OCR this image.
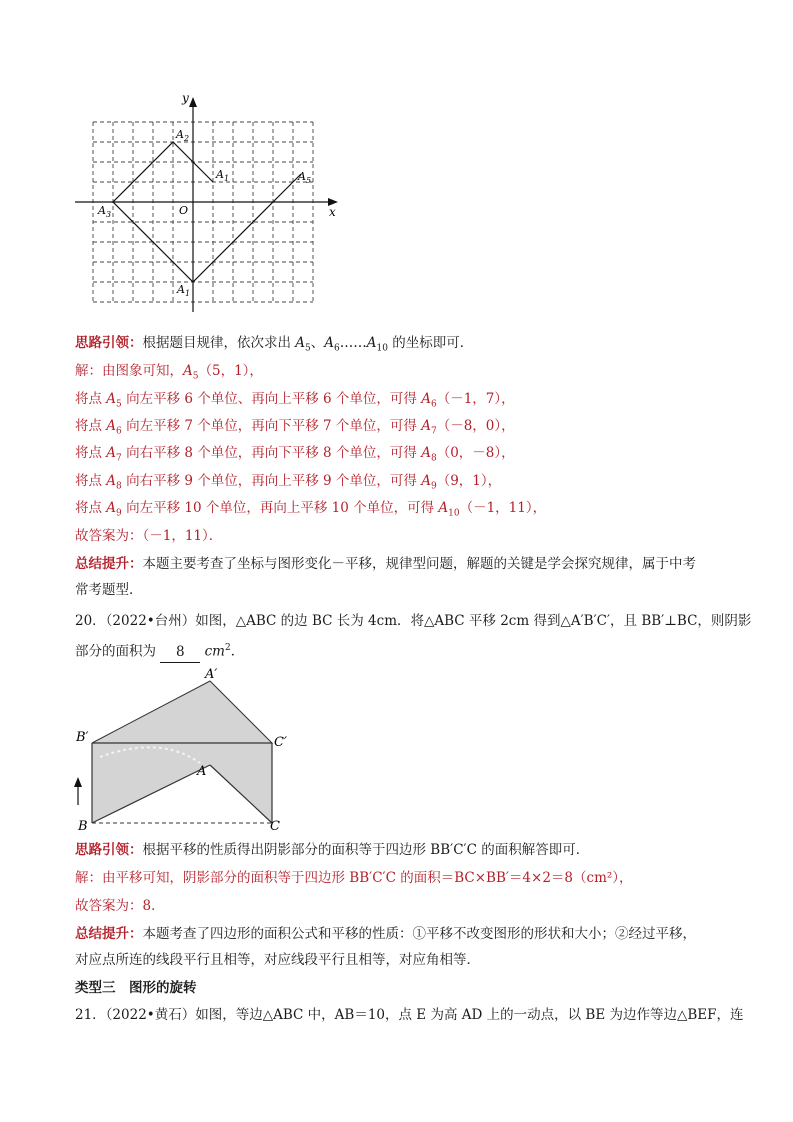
y
x
O
$A_2$
$A_1$
$A_3$
$A_5$
$A_1$
思路引领：根据题目规律，依次求出 $A_5$、$A_6\dots\dots A_{10}$ 的坐标即可．
解：由图象可知，$A_5(5$，1），
将点 $A_5$ 向左平移 6 个单位、再向上平移 6 个单位，可得 $A_6(-1$，7），
将点 $A_6$ 向左平移 7 个单位，再向下平移 7 个单位，可得 $A_7(-8$，0），
将点 $A_7$ 向右平移 8 个单位，再向下平移 8 个单位，可得 $A_8(0$，－8），
将点 $A_8$ 向右平移 9 个单位，再向上平移 9 个单位，可得 $A_9(9$，1），
将点 $A_9$ 向左平移 10 个单位，再向上平移 10 个单位，可得 $A_{10}(-1$，11），
故答案为：（－1，11）．
总结提升：本题主要考查了坐标与图形变化－平移，规律型问题，解题的关键是学会探究规律，属于中考
常考题型．
20．（2022•台州）如图，△ABC 的边 BC 长为 4cm．将△ABC 平移 2cm 得到△A′B′C′，且 BB′⊥BC，则阴影
部分的面积为 8 $cm^2$．
A′
B′	C′
A
B	C
思路引领：根据平移的性质得出阴影部分的面积等于四边形 BB′C′C 的面积解答即可．
解：由平移可知，阴影部分的面积等于四边形 BB′C′C 的面积＝BC×BB′＝4×2＝8（cm²），
故答案为：8．
总结提升：本题考查了四边形的面积公式和平移的性质：①平移不改变图形的形状和大小；②经过平移，
对应点所连的线段平行且相等，对应线段平行且相等，对应角相等．
类型三　图形的旋转
21．（2022•黄石）如图，等边△ABC 中，AB＝10，点 E 为高 AD 上的一动点，以 BE 为边作等边△BEF，连
